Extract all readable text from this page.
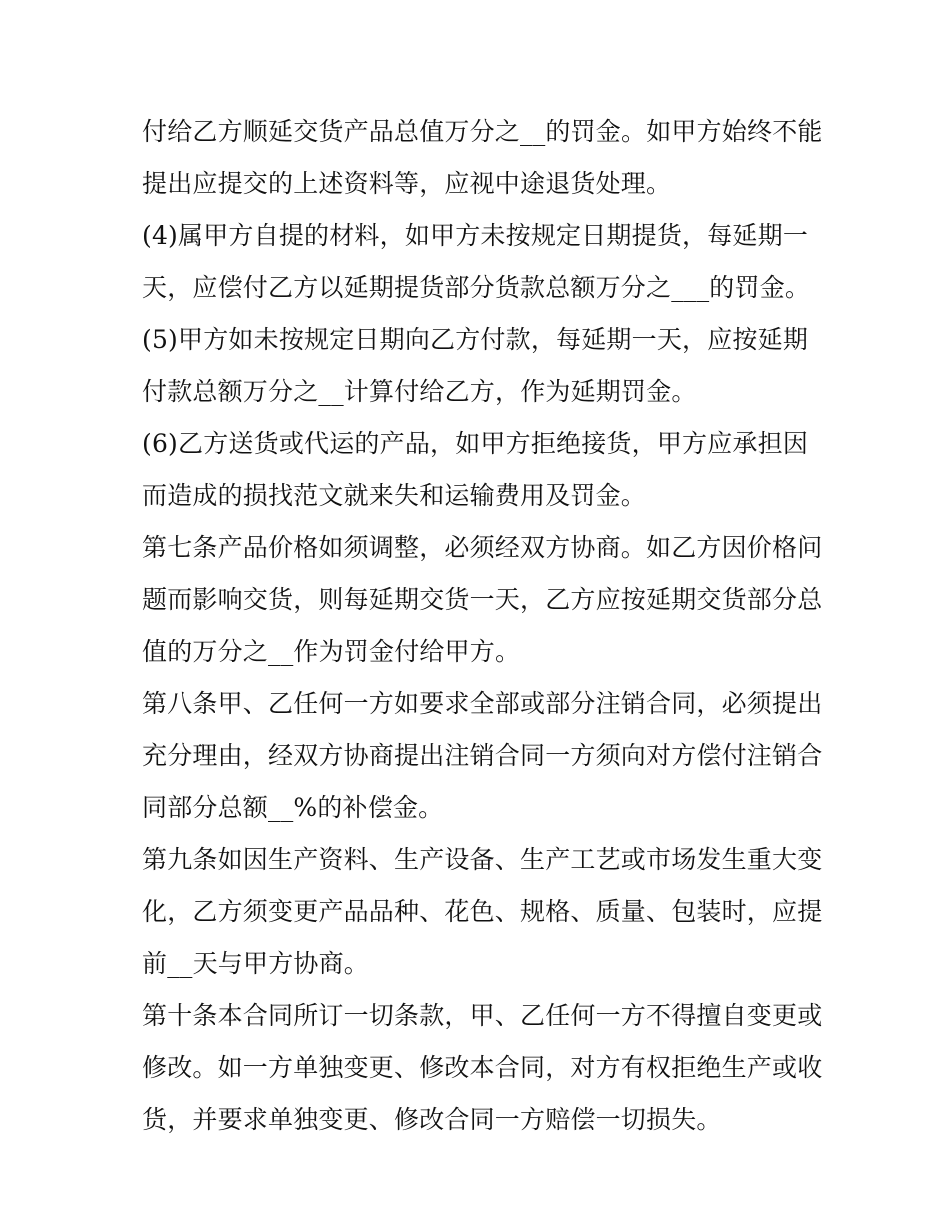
付给乙方顺延交货产品总值万分之__的罚金。如甲方始终不能
提出应提交的上述资料等，应视中途退货处理。
(4)属甲方自提的材料，如甲方未按规定日期提货，每延期一
天，应偿付乙方以延期提货部分货款总额万分之___的罚金。
(5)甲方如未按规定日期向乙方付款，每延期一天，应按延期
付款总额万分之__计算付给乙方，作为延期罚金。
(6)乙方送货或代运的产品，如甲方拒绝接货，甲方应承担因
而造成的损找范文就来失和运输费用及罚金。
第七条产品价格如须调整，必须经双方协商。如乙方因价格问
题而影响交货，则每延期交货一天，乙方应按延期交货部分总
值的万分之__作为罚金付给甲方。
第八条甲、乙任何一方如要求全部或部分注销合同，必须提出
充分理由，经双方协商提出注销合同一方须向对方偿付注销合
同部分总额__%的补偿金。
第九条如因生产资料、生产设备、生产工艺或市场发生重大变
化，乙方须变更产品品种、花色、规格、质量、包装时，应提
前__天与甲方协商。
第十条本合同所订一切条款，甲、乙任何一方不得擅自变更或
修改。如一方单独变更、修改本合同，对方有权拒绝生产或收
货，并要求单独变更、修改合同一方赔偿一切损失。
